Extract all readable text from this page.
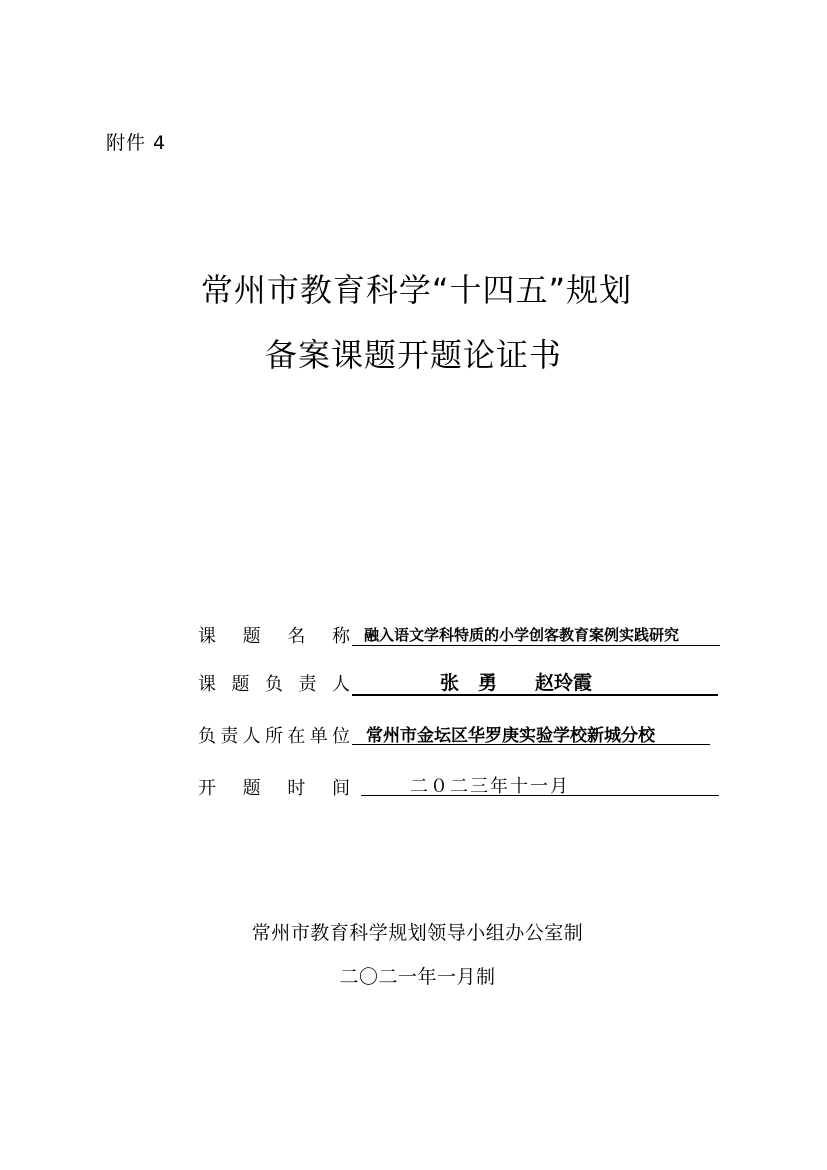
附件 4
常州市教育科学“十四五”规划
备案课题开题论证书
课 题 名 称 融入语文学科特质的小学创客教育案例实践研究
课 题 负 责 人	张　勇　　赵玲霞
负 责 人 所 在 单 位 常州市金坛区华罗庚实验学校新城分校
开 题 时 间	二０二三年十一月
常州市教育科学规划领导小组办公室制
二〇二一年一月制
